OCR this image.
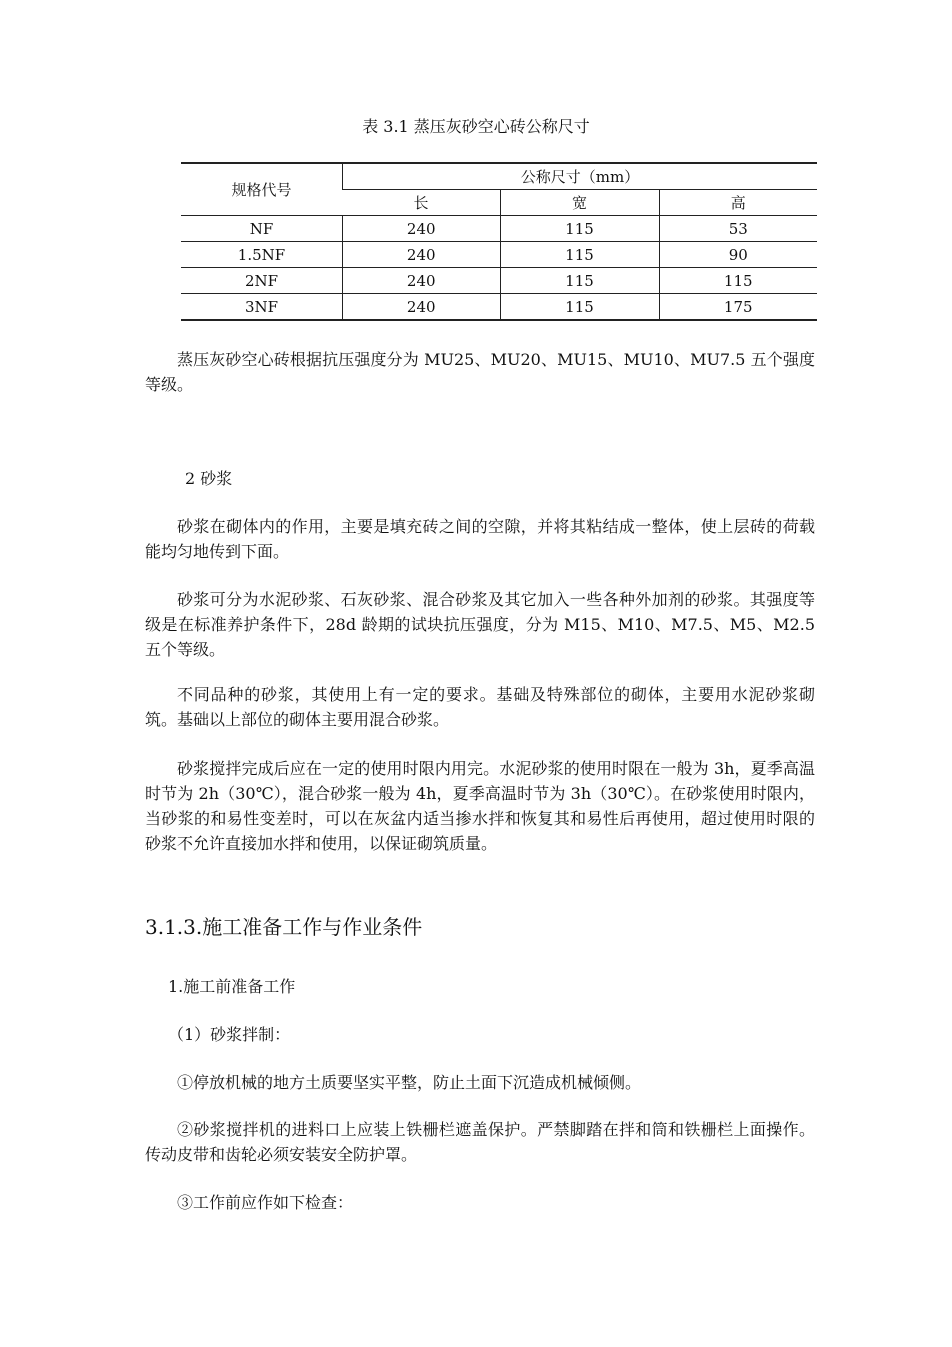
表 3.1 蒸压灰砂空心砖公称尺寸
规格代号	公称尺寸（mm）		
	长	宽	高
NF	240	115	53
1.5NF	240	115	90
2NF	240	115	115
3NF	240	115	175

蒸压灰砂空心砖根据抗压强度分为 MU25、MU20、MU15、MU10、MU7.5 五个强度等级。

2 砂浆

砂浆在砌体内的作用，主要是填充砖之间的空隙，并将其粘结成一整体，使上层砖的荷载能均匀地传到下面。

砂浆可分为水泥砂浆、石灰砂浆、混合砂浆及其它加入一些各种外加剂的砂浆。其强度等级是在标准养护条件下，28d 龄期的试块抗压强度，分为 M15、M10、M7.5、M5、M2.5 五个等级。

不同品种的砂浆，其使用上有一定的要求。基础及特殊部位的砌体，主要用水泥砂浆砌筑。基础以上部位的砌体主要用混合砂浆。

砂浆搅拌完成后应在一定的使用时限内用完。水泥砂浆的使用时限在一般为 3h，夏季高温时节为 2h（30℃），混合砂浆一般为 4h，夏季高温时节为 3h（30℃）。在砂浆使用时限内，当砂浆的和易性变差时，可以在灰盆内适当掺水拌和恢复其和易性后再使用，超过使用时限的砂浆不允许直接加水拌和使用，以保证砌筑质量。

3.1.3.施工准备工作与作业条件

1.施工前准备工作

（1）砂浆拌制：

①停放机械的地方土质要坚实平整，防止土面下沉造成机械倾侧。

②砂浆搅拌机的进料口上应装上铁栅栏遮盖保护。严禁脚踏在拌和筒和铁栅栏上面操作。传动皮带和齿轮必须安装安全防护罩。

③工作前应作如下检查：
